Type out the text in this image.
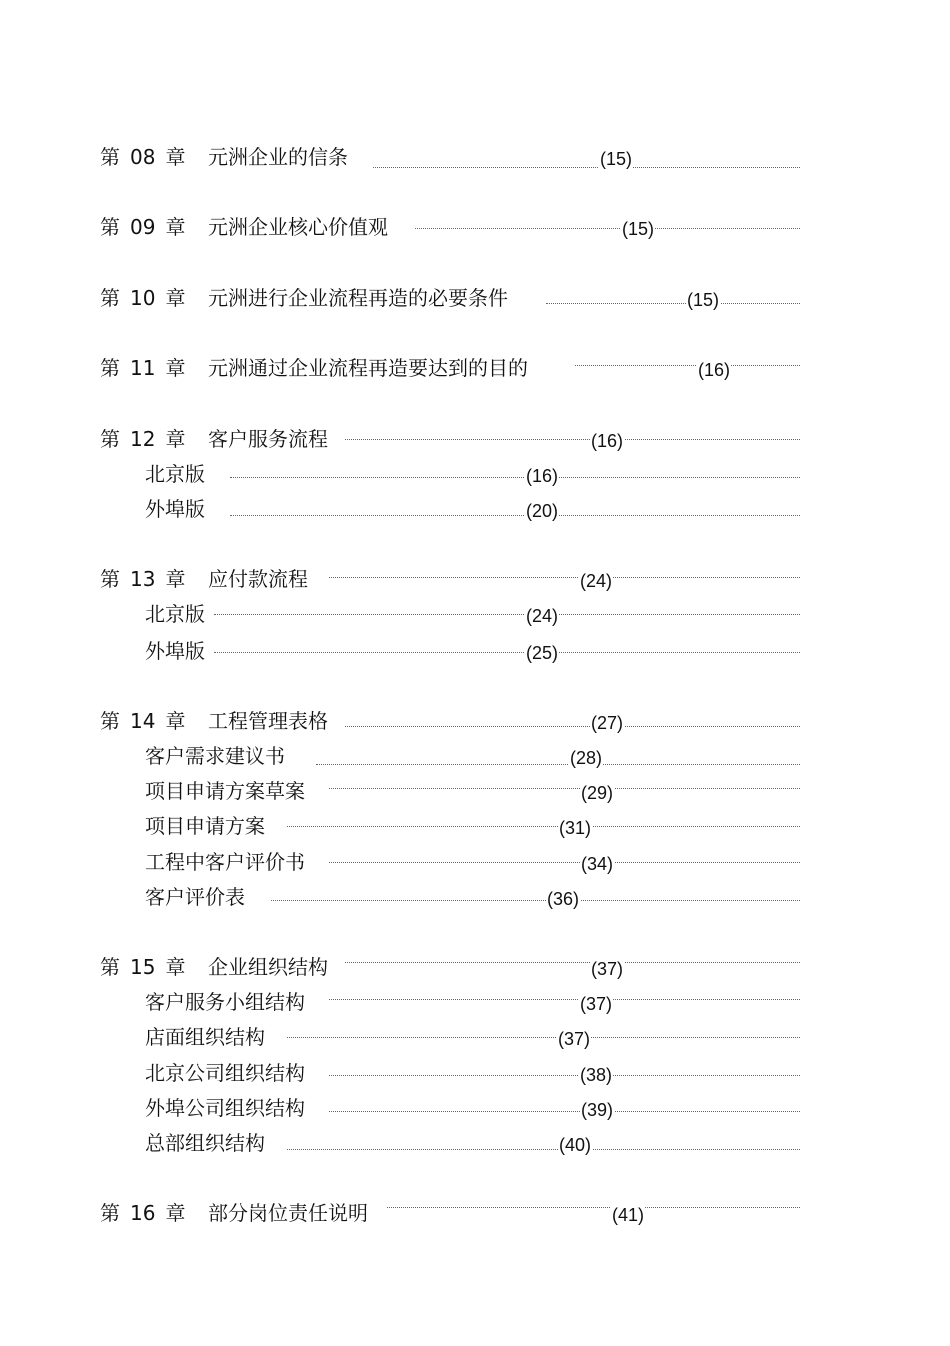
第 08 章 元洲企业的信条	(15)
第 09 章 元洲企业核心价值观	(15)
第 10 章 元洲进行企业流程再造的必要条件	(15)
第 11 章 元洲通过企业流程再造要达到的目的	(16)
第 12 章 客户服务流程	(16)
北京版	(16)
外埠版	(20)
第 13 章 应付款流程	(24)
北京版	(24)
外埠版	(25)
第 14 章 工程管理表格	(27)
客户需求建议书	(28)
项目申请方案草案	(29)
项目申请方案	(31)
工程中客户评价书	(34)
客户评价表	(36)
第 15 章 企业组织结构	(37)
客户服务小组结构	(37)
店面组织结构	(37)
北京公司组织结构	(38)
外埠公司组织结构	(39)
总部组织结构	(40)
第 16 章 部分岗位责任说明	(41)
